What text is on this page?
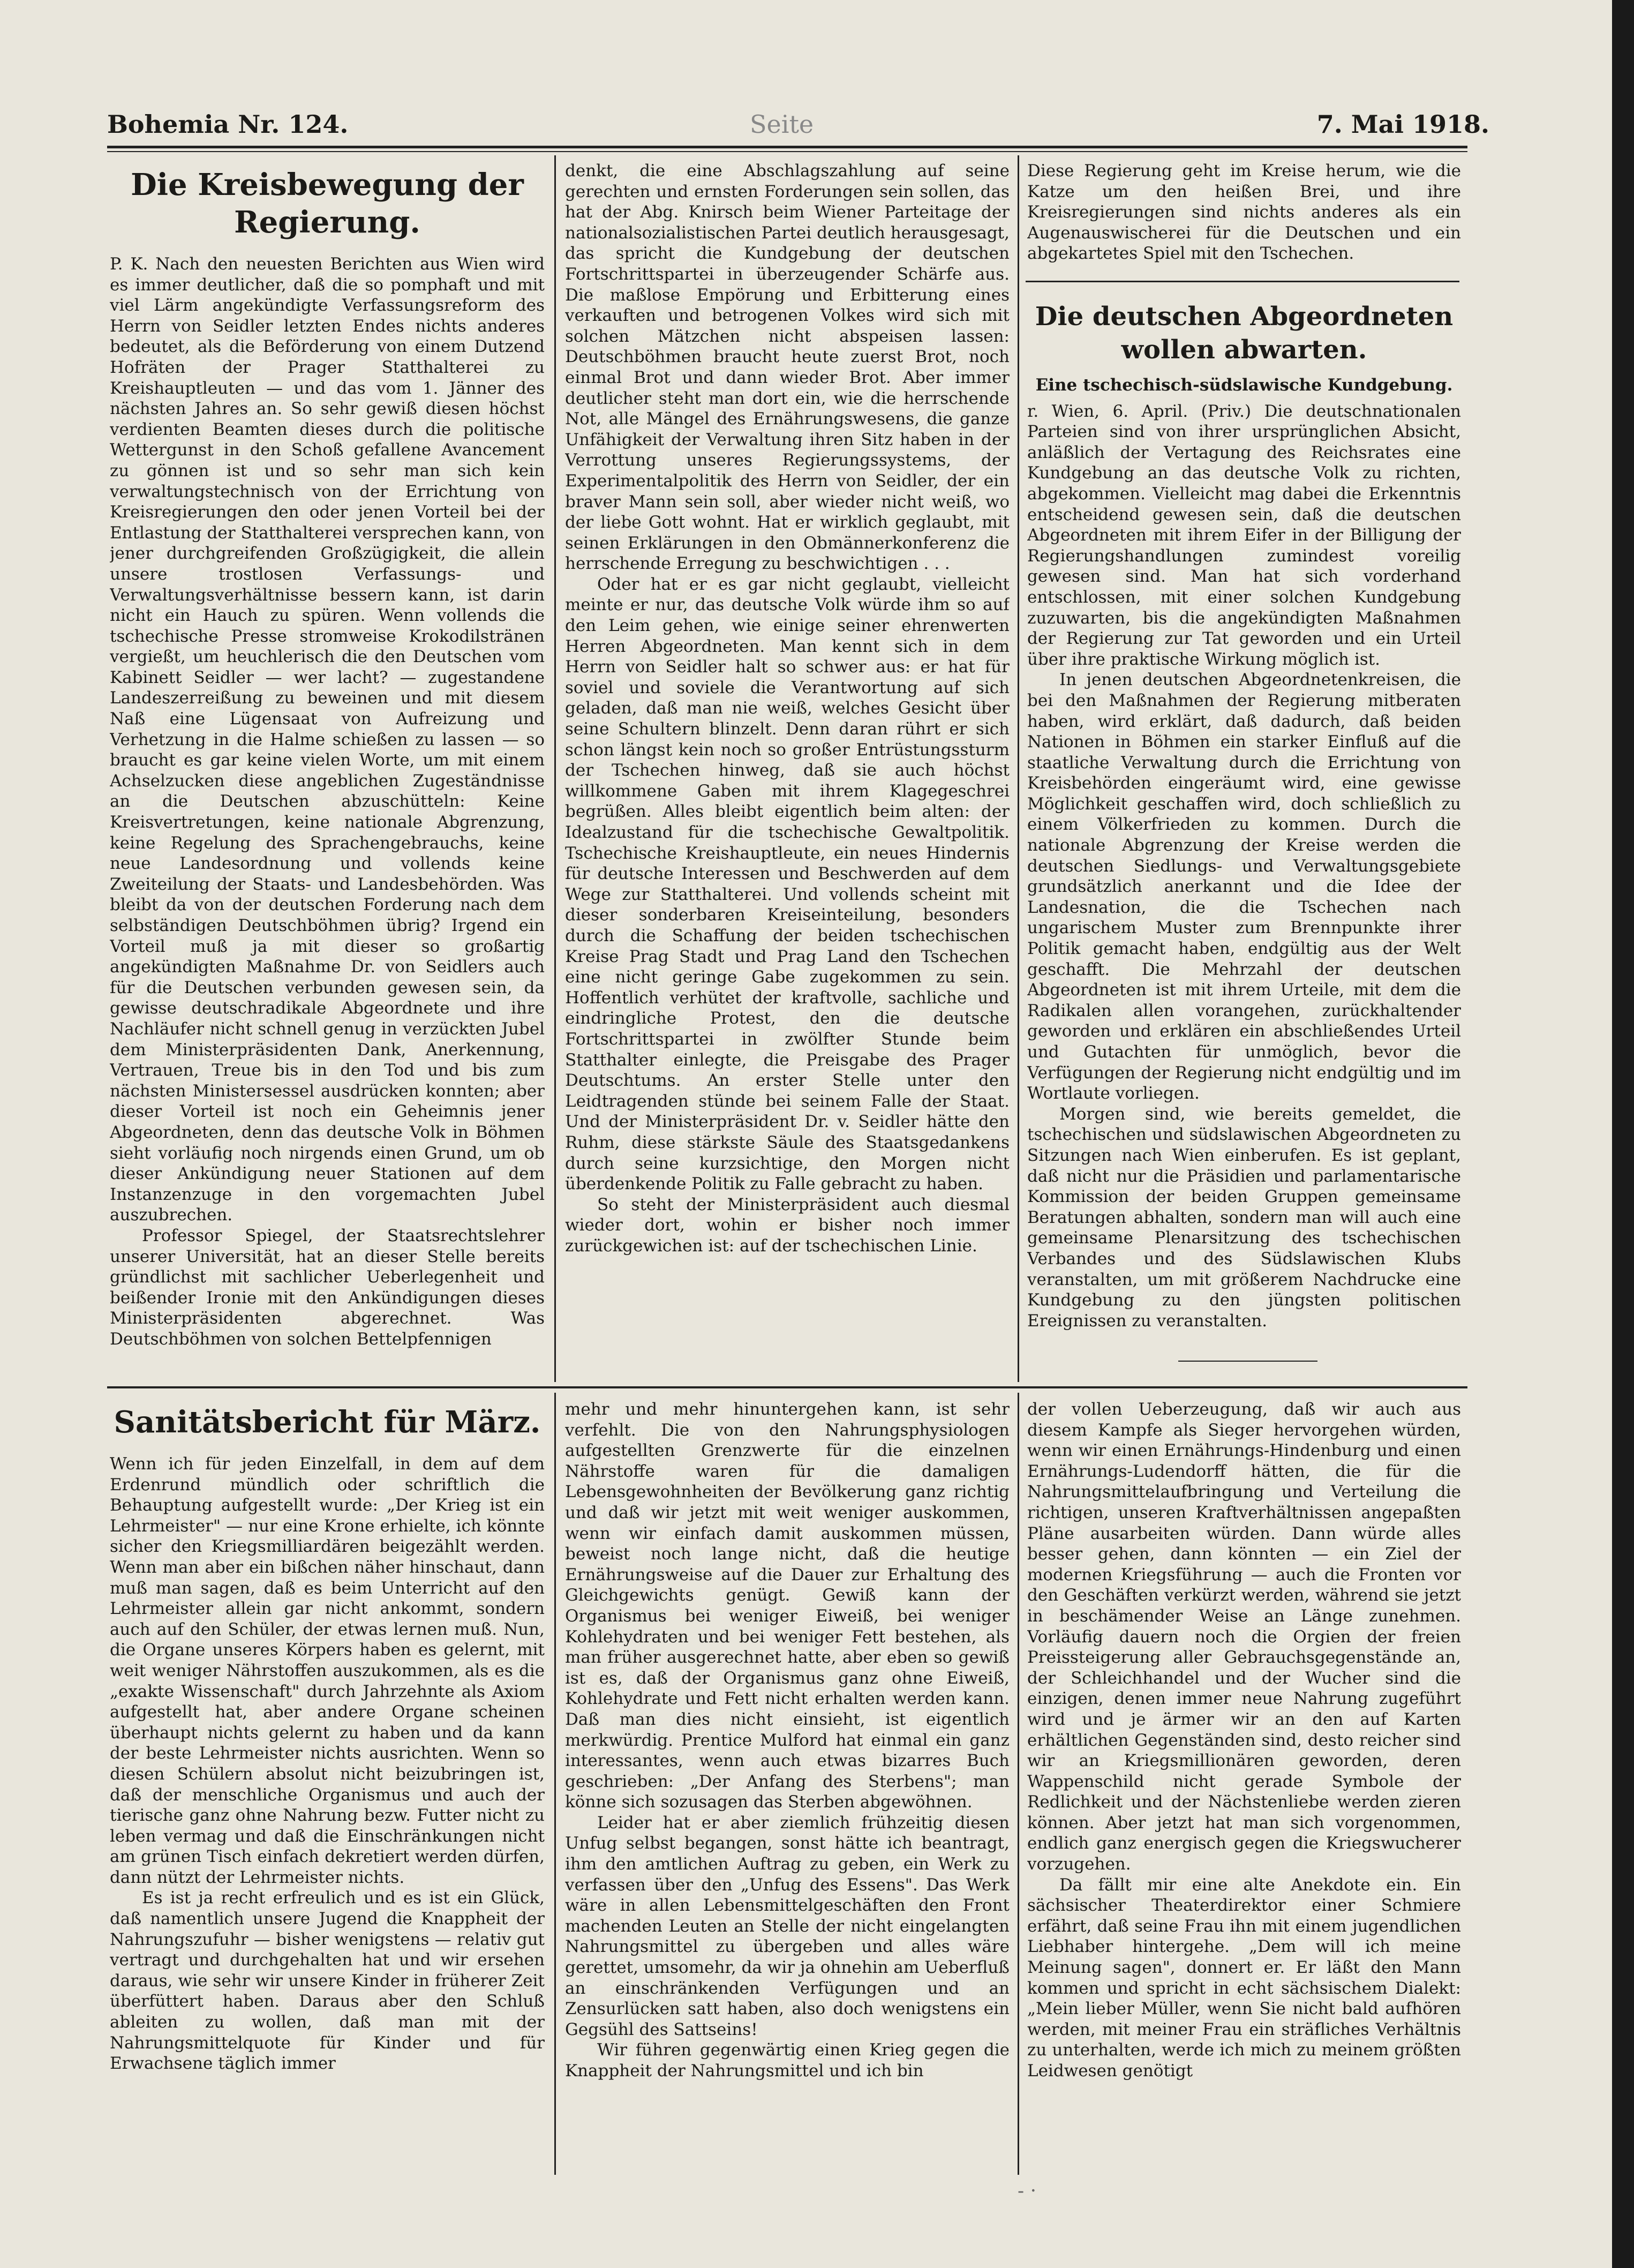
Bohemia Nr. 124.	Seite	7. Mai 1918.
Die Kreisbewegung der Regierung.

P. K. Nach den neuesten Berichten aus Wien wird es immer deutlicher, daß die so pomphaft und mit viel Lärm angekündigte Verfassungsreform des Herrn von Seidler letzten Endes nichts anderes bedeutet, als die Beförderung von einem Dutzend Hofräten der Prager Statthalterei zu Kreishauptleuten — und das vom 1. Jänner des nächsten Jahres an. So sehr gewiß diesen höchst verdienten Beamten dieses durch die politische Wettergunst in den Schoß gefallene Avancement zu gönnen ist und so sehr man sich kein verwaltungstechnisch von der Errichtung von Kreisregierungen den oder jenen Vorteil bei der Entlastung der Statthalterei versprechen kann, von jener durchgreifenden Großzügigkeit, die allein unsere trostlosen Verfassungs- und Verwaltungsverhältnisse bessern kann, ist darin nicht ein Hauch zu spüren. Wenn vollends die tschechische Presse stromweise Krokodilstränen vergießt, um heuchlerisch die den Deutschen vom Kabinett Seidler — wer lacht? — zugestandene Landeszerreißung zu beweinen und mit diesem Naß eine Lügensaat von Aufreizung und Verhetzung in die Halme schießen zu lassen — so braucht es gar keine vielen Worte, um mit einem Achselzucken diese angeblichen Zugeständnisse an die Deutschen abzuschütteln: Keine Kreisvertretungen, keine nationale Abgrenzung, keine Regelung des Sprachengebrauchs, keine neue Landesordnung und vollends keine Zweiteilung der Staats- und Landesbehörden. Was bleibt da von der deutschen Forderung nach dem selbständigen Deutschböhmen übrig? Irgend ein Vorteil muß ja mit dieser so großartig angekündigten Maßnahme Dr. von Seidlers auch für die Deutschen verbunden gewesen sein, da gewisse deutschradikale Abgeordnete und ihre Nachläufer nicht schnell genug in verzückten Jubel dem Ministerpräsidenten Dank, Anerkennung, Vertrauen, Treue bis in den Tod und bis zum nächsten Ministersessel ausdrücken konnten; aber dieser Vorteil ist noch ein Geheimnis jener Abgeordneten, denn das deutsche Volk in Böhmen sieht vorläufig noch nirgends einen Grund, um ob dieser Ankündigung neuer Stationen auf dem Instanzenzuge in den vorgemachten Jubel auszubrechen.

Professor Spiegel, der Staatsrechtslehrer unserer Universität, hat an dieser Stelle bereits gründlichst mit sachlicher Ueberlegenheit und beißender Ironie mit den Ankündigungen dieses Ministerpräsidenten abgerechnet. Was Deutschböhmen von solchen Bettelpfennigen

denkt, die eine Abschlagszahlung auf seine gerechten und ernsten Forderungen sein sollen, das hat der Abg. Knirsch beim Wiener Parteitage der nationalsozialistischen Partei deutlich herausgesagt, das spricht die Kundgebung der deutschen Fortschrittspartei in überzeugender Schärfe aus. Die maßlose Empörung und Erbitterung eines verkauften und betrogenen Volkes wird sich mit solchen Mätzchen nicht abspeisen lassen: Deutschböhmen braucht heute zuerst Brot, noch einmal Brot und dann wieder Brot. Aber immer deutlicher steht man dort ein, wie die herrschende Not, alle Mängel des Ernährungswesens, die ganze Unfähigkeit der Verwaltung ihren Sitz haben in der Verrottung unseres Regierungssystems, der Experimentalpolitik des Herrn von Seidler, der ein braver Mann sein soll, aber wieder nicht weiß, wo der liebe Gott wohnt. Hat er wirklich geglaubt, mit seinen Erklärungen in den Obmännerkonferenz die herrschende Erregung zu beschwichtigen . . .

Oder hat er es gar nicht geglaubt, vielleicht meinte er nur, das deutsche Volk würde ihm so auf den Leim gehen, wie einige seiner ehrenwerten Herren Abgeordneten. Man kennt sich in dem Herrn von Seidler halt so schwer aus: er hat für soviel und soviele die Verantwortung auf sich geladen, daß man nie weiß, welches Gesicht über seine Schultern blinzelt. Denn daran rührt er sich schon längst kein noch so großer Entrüstungssturm der Tschechen hinweg, daß sie auch höchst willkommene Gaben mit ihrem Klagegeschrei begrüßen. Alles bleibt eigentlich beim alten: der Idealzustand für die tschechische Gewaltpolitik. Tschechische Kreishauptleute, ein neues Hindernis für deutsche Interessen und Beschwerden auf dem Wege zur Statthalterei. Und vollends scheint mit dieser sonderbaren Kreiseinteilung, besonders durch die Schaffung der beiden tschechischen Kreise Prag Stadt und Prag Land den Tschechen eine nicht geringe Gabe zugekommen zu sein. Hoffentlich verhütet der kraftvolle, sachliche und eindringliche Protest, den die deutsche Fortschrittspartei in zwölfter Stunde beim Statthalter einlegte, die Preisgabe des Prager Deutschtums. An erster Stelle unter den Leidtragenden stünde bei seinem Falle der Staat. Und der Ministerpräsident Dr. v. Seidler hätte den Ruhm, diese stärkste Säule des Staatsgedankens durch seine kurzsichtige, den Morgen nicht überdenkende Politik zu Falle gebracht zu haben.

So steht der Ministerpräsident auch diesmal wieder dort, wohin er bisher noch immer zurückgewichen ist: auf der tschechischen Linie.

Diese Regierung geht im Kreise herum, wie die Katze um den heißen Brei, und ihre Kreisregierungen sind nichts anderes als ein Augenauswischerei für die Deutschen und ein abgekartetes Spiel mit den Tschechen.

Die deutschen Abgeordneten wollen abwarten.
Eine tschechisch-südslawische Kundgebung.

r. Wien, 6. April. (Priv.) Die deutschnationalen Parteien sind von ihrer ursprünglichen Absicht, anläßlich der Vertagung des Reichsrates eine Kundgebung an das deutsche Volk zu richten, abgekommen. Vielleicht mag dabei die Erkenntnis entscheidend gewesen sein, daß die deutschen Abgeordneten mit ihrem Eifer in der Billigung der Regierungshandlungen zumindest voreilig gewesen sind. Man hat sich vorderhand entschlossen, mit einer solchen Kundgebung zuzuwarten, bis die angekündigten Maßnahmen der Regierung zur Tat geworden und ein Urteil über ihre praktische Wirkung möglich ist.

In jenen deutschen Abgeordnetenkreisen, die bei den Maßnahmen der Regierung mitberaten haben, wird erklärt, daß dadurch, daß beiden Nationen in Böhmen ein starker Einfluß auf die staatliche Verwaltung durch die Errichtung von Kreisbehörden eingeräumt wird, eine gewisse Möglichkeit geschaffen wird, doch schließlich zu einem Völkerfrieden zu kommen. Durch die nationale Abgrenzung der Kreise werden die deutschen Siedlungs- und Verwaltungsgebiete grundsätzlich anerkannt und die Idee der Landesnation, die die Tschechen nach ungarischem Muster zum Brennpunkte ihrer Politik gemacht haben, endgültig aus der Welt geschafft. Die Mehrzahl der deutschen Abgeordneten ist mit ihrem Urteile, mit dem die Radikalen allen vorangehen, zurückhaltender geworden und erklären ein abschließendes Urteil und Gutachten für unmöglich, bevor die Verfügungen der Regierung nicht endgültig und im Wortlaute vorliegen.

Morgen sind, wie bereits gemeldet, die tschechischen und südslawischen Abgeordneten zu Sitzungen nach Wien einberufen. Es ist geplant, daß nicht nur die Präsidien und parlamentarische Kommission der beiden Gruppen gemeinsame Beratungen abhalten, sondern man will auch eine gemeinsame Plenarsitzung des tschechischen Verbandes und des Südslawischen Klubs veranstalten, um mit größerem Nachdrucke eine Kundgebung zu den jüngsten politischen Ereignissen zu veranstalten.

Sanitätsbericht für März.

Wenn ich für jeden Einzelfall, in dem auf dem Erdenrund mündlich oder schriftlich die Behauptung aufgestellt wurde: „Der Krieg ist ein Lehrmeister" — nur eine Krone erhielte, ich könnte sicher den Kriegsmilliardären beigezählt werden. Wenn man aber ein bißchen näher hinschaut, dann muß man sagen, daß es beim Unterricht auf den Lehrmeister allein gar nicht ankommt, sondern auch auf den Schüler, der etwas lernen muß. Nun, die Organe unseres Körpers haben es gelernt, mit weit weniger Nährstoffen auszukommen, als es die „exakte Wissenschaft" durch Jahrzehnte als Axiom aufgestellt hat, aber andere Organe scheinen überhaupt nichts gelernt zu haben und da kann der beste Lehrmeister nichts ausrichten. Wenn so diesen Schülern absolut nicht beizubringen ist, daß der menschliche Organismus und auch der tierische ganz ohne Nahrung bezw. Futter nicht zu leben vermag und daß die Einschränkungen nicht am grünen Tisch einfach dekretiert werden dürfen, dann nützt der Lehrmeister nichts.

Es ist ja recht erfreulich und es ist ein Glück, daß namentlich unsere Jugend die Knappheit der Nahrungszufuhr — bisher wenigstens — relativ gut vertragt und durchgehalten hat und wir ersehen daraus, wie sehr wir unsere Kinder in früherer Zeit überfüttert haben. Daraus aber den Schluß ableiten zu wollen, daß man mit der Nahrungsmittelquote für Kinder und für Erwachsene täglich immer

mehr und mehr hinuntergehen kann, ist sehr verfehlt. Die von den Nahrungsphysiologen aufgestellten Grenzwerte für die einzelnen Nährstoffe waren für die damaligen Lebensgewohnheiten der Bevölkerung ganz richtig und daß wir jetzt mit weit weniger auskommen, wenn wir einfach damit auskommen müssen, beweist noch lange nicht, daß die heutige Ernährungsweise auf die Dauer zur Erhaltung des Gleichgewichts genügt. Gewiß kann der Organismus bei weniger Eiweiß, bei weniger Kohlehydraten und bei weniger Fett bestehen, als man früher ausgerechnet hatte, aber eben so gewiß ist es, daß der Organismus ganz ohne Eiweiß, Kohlehydrate und Fett nicht erhalten werden kann. Daß man dies nicht einsieht, ist eigentlich merkwürdig. Prentice Mulford hat einmal ein ganz interessantes, wenn auch etwas bizarres Buch geschrieben: „Der Anfang des Sterbens"; man könne sich sozusagen das Sterben abgewöhnen.

Leider hat er aber ziemlich frühzeitig diesen Unfug selbst begangen, sonst hätte ich beantragt, ihm den amtlichen Auftrag zu geben, ein Werk zu verfassen über den „Unfug des Essens". Das Werk wäre in allen Lebensmittelgeschäften den Front machenden Leuten an Stelle der nicht eingelangten Nahrungsmittel zu übergeben und alles wäre gerettet, umsomehr, da wir ja ohnehin am Ueberfluß an einschränkenden Verfügungen und an Zensurlücken satt haben, also doch wenigstens ein Gegsühl des Sattseins!

Wir führen gegenwärtig einen Krieg gegen die Knappheit der Nahrungsmittel und ich bin

der vollen Ueberzeugung, daß wir auch aus diesem Kampfe als Sieger hervorgehen würden, wenn wir einen Ernährungs-Hindenburg und einen Ernährungs-Ludendorff hätten, die für die Nahrungsmittelaufbringung und Verteilung die richtigen, unseren Kraftverhältnissen angepaßten Pläne ausarbeiten würden. Dann würde alles besser gehen, dann könnten — ein Ziel der modernen Kriegsführung — auch die Fronten vor den Geschäften verkürzt werden, während sie jetzt in beschämender Weise an Länge zunehmen. Vorläufig dauern noch die Orgien der freien Preissteigerung aller Gebrauchsgegenstände an, der Schleichhandel und der Wucher sind die einzigen, denen immer neue Nahrung zugeführt wird und je ärmer wir an den auf Karten erhältlichen Gegenständen sind, desto reicher sind wir an Kriegsmillionären geworden, deren Wappenschild nicht gerade Symbole der Redlichkeit und der Nächstenliebe werden zieren können. Aber jetzt hat man sich vorgenommen, endlich ganz energisch gegen die Kriegswucherer vorzugehen.

Da fällt mir eine alte Anekdote ein. Ein sächsischer Theaterdirektor einer Schmiere erfährt, daß seine Frau ihn mit einem jugendlichen Liebhaber hintergehe. „Dem will ich meine Meinung sagen", donnert er. Er läßt den Mann kommen und spricht in echt sächsischem Dialekt: „Mein lieber Müller, wenn Sie nicht bald aufhören werden, mit meiner Frau ein sträfliches Verhältnis zu unterhalten, werde ich mich zu meinem größten Leidwesen genötigt

- ·
